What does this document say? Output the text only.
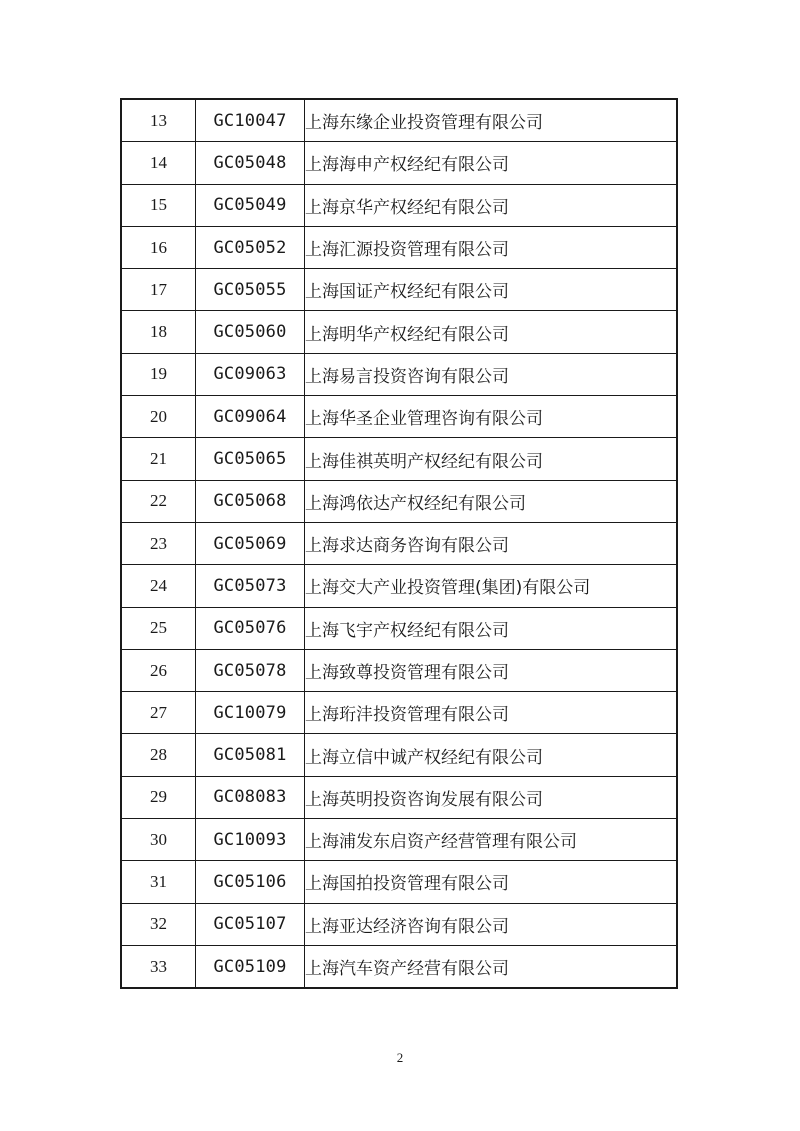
13	GC10047	上海东缘企业投资管理有限公司
14	GC05048	上海海申产权经纪有限公司
15	GC05049	上海京华产权经纪有限公司
16	GC05052	上海汇源投资管理有限公司
17	GC05055	上海国证产权经纪有限公司
18	GC05060	上海明华产权经纪有限公司
19	GC09063	上海易言投资咨询有限公司
20	GC09064	上海华圣企业管理咨询有限公司
21	GC05065	上海佳祺英明产权经纪有限公司
22	GC05068	上海鸿依达产权经纪有限公司
23	GC05069	上海求达商务咨询有限公司
24	GC05073	上海交大产业投资管理(集团)有限公司
25	GC05076	上海飞宇产权经纪有限公司
26	GC05078	上海致尊投资管理有限公司
27	GC10079	上海珩沣投资管理有限公司
28	GC05081	上海立信中诚产权经纪有限公司
29	GC08083	上海英明投资咨询发展有限公司
30	GC10093	上海浦发东启资产经营管理有限公司
31	GC05106	上海国拍投资管理有限公司
32	GC05107	上海亚达经济咨询有限公司
33	GC05109	上海汽车资产经营有限公司
2
